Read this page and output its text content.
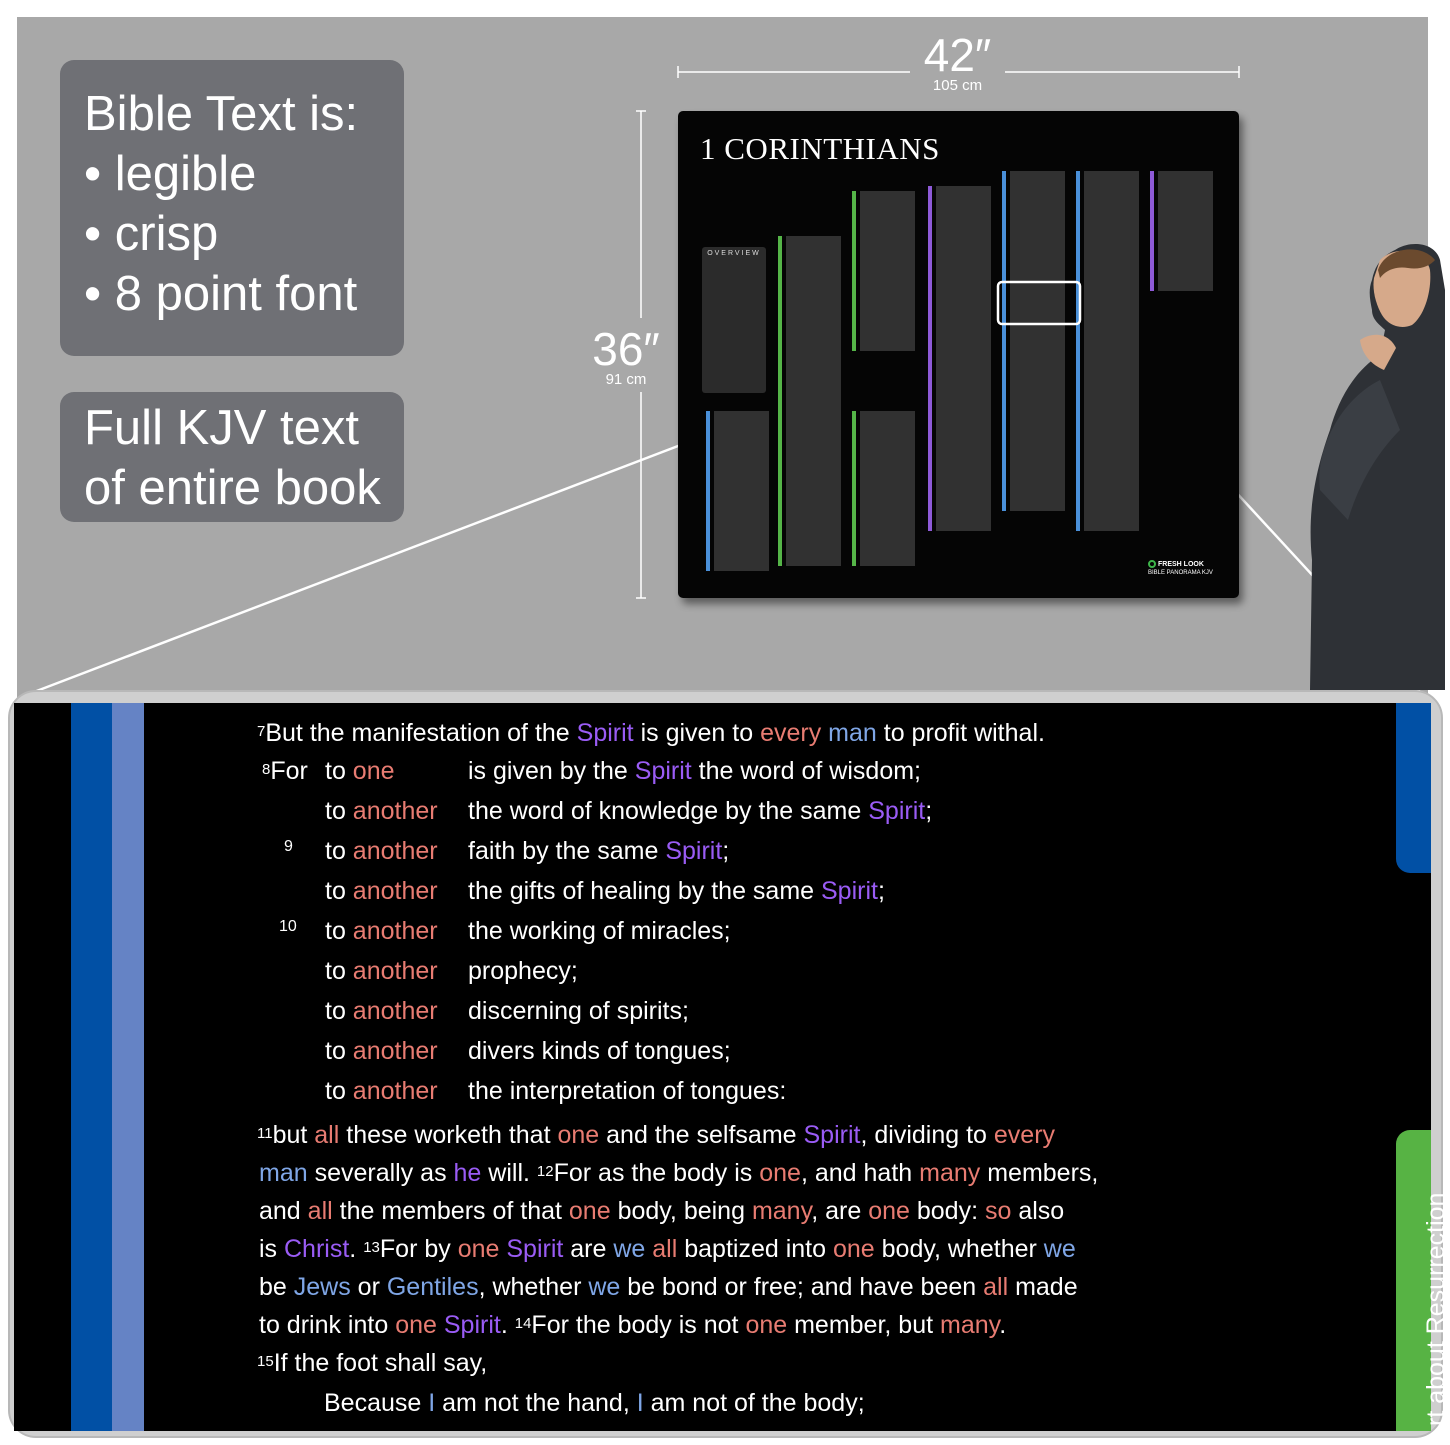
Bible Text is:
• legible
• crisp
• 8 point font
Full KJV text
of entire book
42″
105 cm
36″
91 cm
1 CORINTHIANS
OVERVIEW
FRESH LOOK
BIBLE PANORAMA KJV
rt about Resurrection
$^7$But the manifestation of the Spirit is given to every man to profit withal.
$^8$For to one	is given by the Spirit the word of wisdom;
to another the word of knowledge by the same Spirit;
9 to another faith by the same Spirit;
to another the gifts of healing by the same Spirit;
10 to another the working of miracles;
to another prophecy;
to another discerning of spirits;
to another divers kinds of tongues;
to another the interpretation of tongues:
$^{11}$but all these worketh that one and the selfsame Spirit, dividing to every
man severally as he will. $^{12}$For as the body is one, and hath many members,
and all the members of that one body, being many, are one body: so also
is Christ. $^{13}$For by one Spirit are we all baptized into one body, whether we
be Jews or Gentiles, whether we be bond or free; and have been all made
to drink into one Spirit. $^{14}$For the body is not one member, but many.
$^{15}$If the foot shall say,
Because I am not the hand, I am not of the body;
